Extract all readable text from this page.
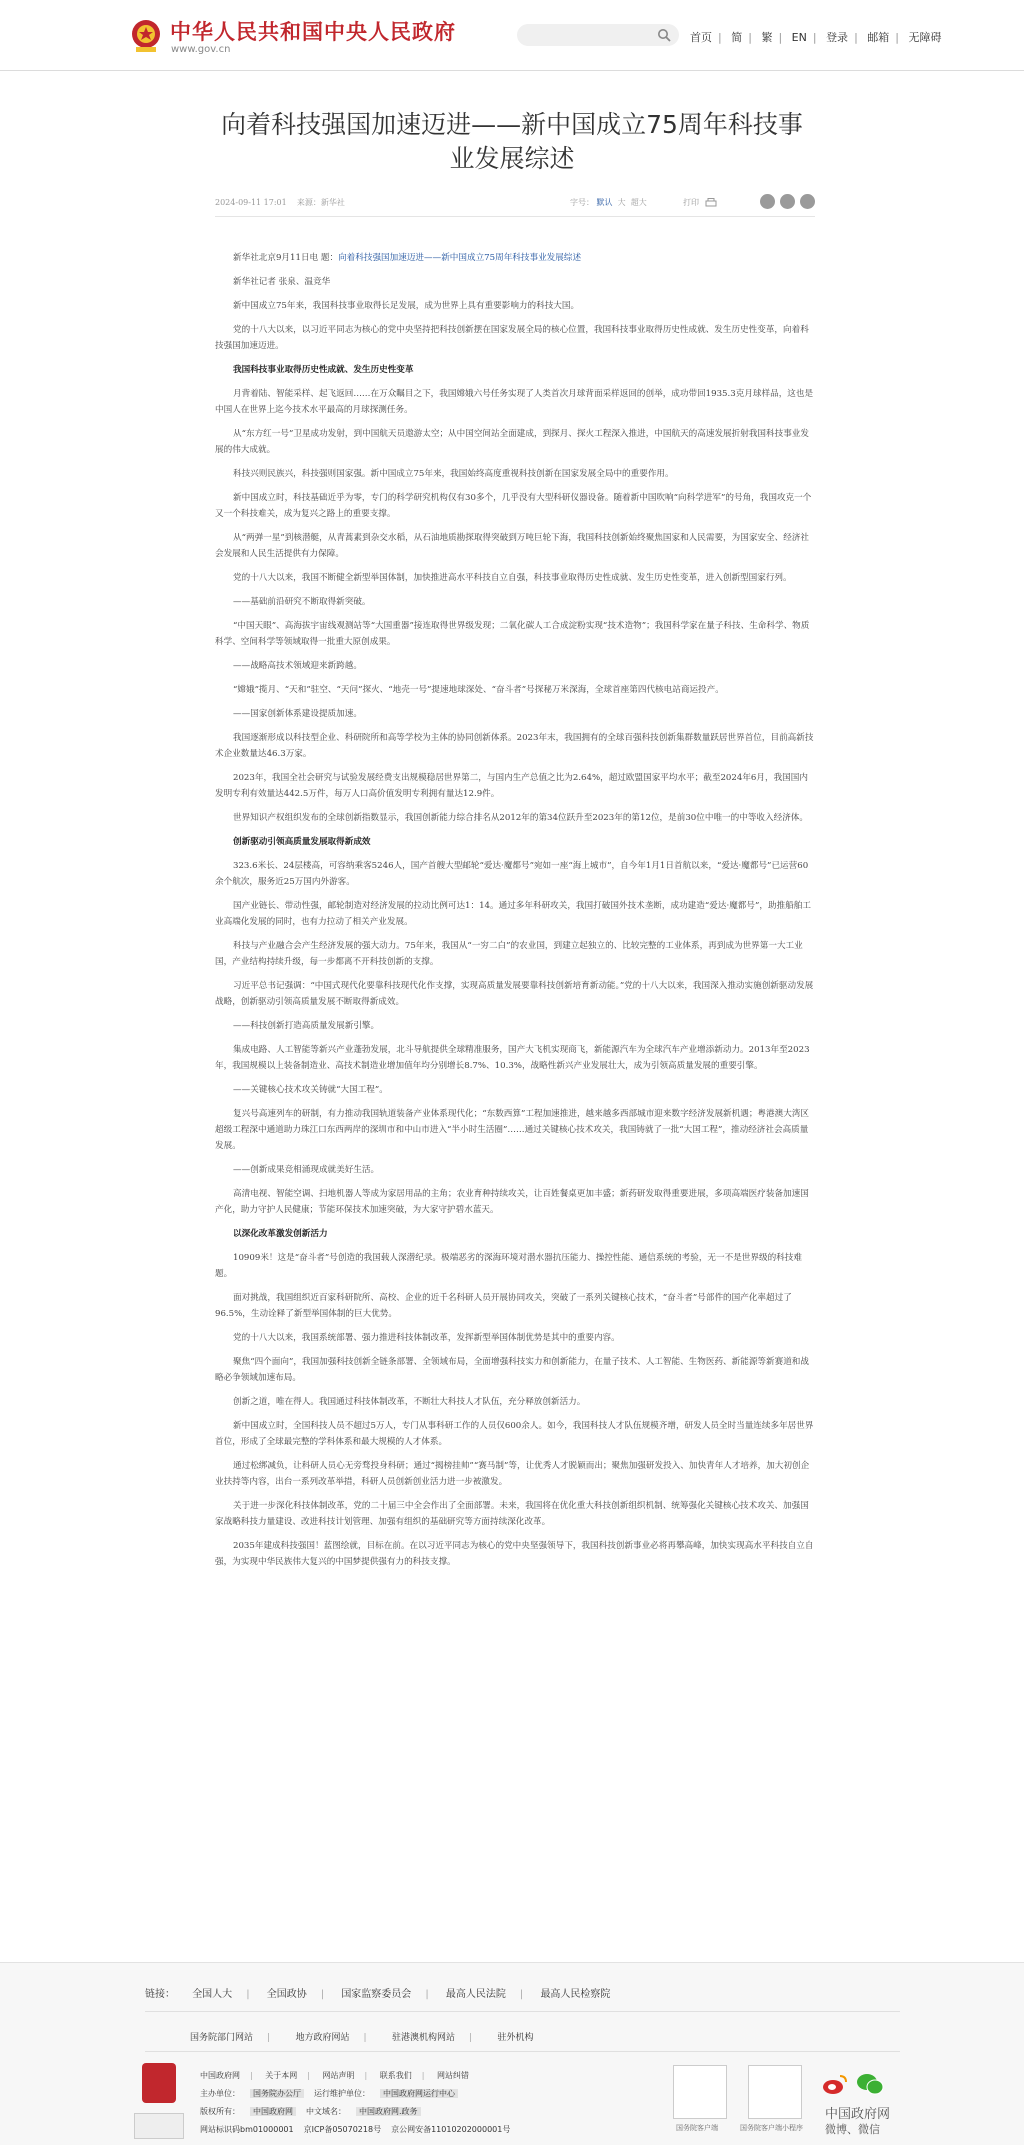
中华人民共和国中央人民政府
www.gov.cn
首页 | 简 | 繁 | EN | 登录 | 邮箱 | 无障碍
向着科技强国加速迈进——新中国成立75周年科技事业发展综述
2024-09-11 17:01 来源：新华社	字号： 默认 大 超大	打印

新华社北京9月11日电 题：向着科技强国加速迈进——新中国成立75周年科技事业发展综述

新华社记者 张泉、温竞华

新中国成立75年来，我国科技事业取得长足发展，成为世界上具有重要影响力的科技大国。

党的十八大以来，以习近平同志为核心的党中央坚持把科技创新摆在国家发展全局的核心位置，我国科技事业取得历史性成就、发生历史性变革，向着科技强国加速迈进。

我国科技事业取得历史性成就、发生历史性变革

月背着陆、智能采样、起飞返回……在万众瞩目之下，我国嫦娥六号任务实现了人类首次月球背面采样返回的创举，成功带回1935.3克月球样品，这也是中国人在世界上迄今技术水平最高的月球探测任务。

从“东方红一号”卫星成功发射，到中国航天员遨游太空；从中国空间站全面建成，到探月、探火工程深入推进，中国航天的高速发展折射我国科技事业发展的伟大成就。

科技兴则民族兴，科技强则国家强。新中国成立75年来，我国始终高度重视科技创新在国家发展全局中的重要作用。

新中国成立时，科技基础近乎为零，专门的科学研究机构仅有30多个，几乎没有大型科研仪器设备。随着新中国吹响“向科学进军”的号角，我国攻克一个又一个科技难关，成为复兴之路上的重要支撑。

从“两弹一星”到核潜艇，从青蒿素到杂交水稻，从石油地质勘探取得突破到万吨巨轮下海，我国科技创新始终聚焦国家和人民需要，为国家安全、经济社会发展和人民生活提供有力保障。

党的十八大以来，我国不断健全新型举国体制，加快推进高水平科技自立自强，科技事业取得历史性成就、发生历史性变革，进入创新型国家行列。

——基础前沿研究不断取得新突破。

“中国天眼”、高海拔宇宙线观测站等“大国重器”接连取得世界级发现；二氧化碳人工合成淀粉实现“技术造物”；我国科学家在量子科技、生命科学、物质科学、空间科学等领域取得一批重大原创成果。

——战略高技术领域迎来新跨越。

“嫦娥”揽月、“天和”驻空、“天问”探火、“地壳一号”提速地球深处、“奋斗者”号探秘万米深海，全球首座第四代核电站商运投产。

——国家创新体系建设提质加速。

我国逐渐形成以科技型企业、科研院所和高等学校为主体的协同创新体系。2023年末，我国拥有的全球百强科技创新集群数量跃居世界首位，目前高新技术企业数量达46.3万家。

2023年，我国全社会研究与试验发展经费支出规模稳居世界第二，与国内生产总值之比为2.64%，超过欧盟国家平均水平；截至2024年6月，我国国内发明专利有效量达442.5万件，每万人口高价值发明专利拥有量达12.9件。

世界知识产权组织发布的全球创新指数显示，我国创新能力综合排名从2012年的第34位跃升至2023年的第12位，是前30位中唯一的中等收入经济体。

创新驱动引领高质量发展取得新成效

323.6米长、24层楼高，可容纳乘客5246人，国产首艘大型邮轮“爱达·魔都号”宛如一座“海上城市”，自今年1月1日首航以来，“爱达·魔都号”已运营60余个航次，服务近25万国内外游客。

国产业链长、带动性强，邮轮制造对经济发展的拉动比例可达1：14。通过多年科研攻关，我国打破国外技术垄断，成功建造“爱达·魔都号”，助推船舶工业高端化发展的同时，也有力拉动了相关产业发展。

科技与产业融合会产生经济发展的强大动力。75年来，我国从“一穷二白”的农业国，到建立起独立的、比较完整的工业体系，再到成为世界第一大工业国，产业结构持续升级，每一步都离不开科技创新的支撑。

习近平总书记强调：“中国式现代化要靠科技现代化作支撑，实现高质量发展要靠科技创新培育新动能。”党的十八大以来，我国深入推动实施创新驱动发展战略，创新驱动引领高质量发展不断取得新成效。

——科技创新打造高质量发展新引擎。

集成电路、人工智能等新兴产业蓬勃发展，北斗导航提供全球精准服务，国产大飞机实现商飞，新能源汽车为全球汽车产业增添新动力。2013年至2023年，我国规模以上装备制造业、高技术制造业增加值年均分别增长8.7%、10.3%，战略性新兴产业发展壮大，成为引领高质量发展的重要引擎。

——关键核心技术攻关铸就“大国工程”。

复兴号高速列车的研制，有力推动我国轨道装备产业体系现代化；“东数西算”工程加速推进，越来越多西部城市迎来数字经济发展新机遇；粤港澳大湾区超级工程深中通道助力珠江口东西两岸的深圳市和中山市进入“半小时生活圈”……通过关键核心技术攻关，我国铸就了一批“大国工程”，推动经济社会高质量发展。

——创新成果竞相涌现成就美好生活。

高清电视、智能空调、扫地机器人等成为家居用品的主角；农业育种持续攻关，让百姓餐桌更加丰盛；新药研发取得重要进展，多项高端医疗装备加速国产化，助力守护人民健康；节能环保技术加速突破，为大家守护碧水蓝天。

以深化改革激发创新活力

10909米！这是“奋斗者”号创造的我国载人深潜纪录。极端恶劣的深海环境对潜水器抗压能力、操控性能、通信系统的考验，无一不是世界级的科技难题。

面对挑战，我国组织近百家科研院所、高校、企业的近千名科研人员开展协同攻关，突破了一系列关键核心技术，“奋斗者”号部件的国产化率超过了96.5%，生动诠释了新型举国体制的巨大优势。

党的十八大以来，我国系统部署、强力推进科技体制改革，发挥新型举国体制优势是其中的重要内容。

聚焦“四个面向”，我国加强科技创新全链条部署、全领域布局，全面增强科技实力和创新能力，在量子技术、人工智能、生物医药、新能源等新赛道和战略必争领域加速布局。

创新之道，唯在得人。我国通过科技体制改革，不断壮大科技人才队伍，充分释放创新活力。

新中国成立时，全国科技人员不超过5万人，专门从事科研工作的人员仅600余人。如今，我国科技人才队伍规模齐增，研发人员全时当量连续多年居世界首位，形成了全球最完整的学科体系和最大规模的人才体系。

通过松绑减负，让科研人员心无旁骛投身科研；通过“揭榜挂帅”“赛马制”等，让优秀人才脱颖而出；聚焦加强研发投入、加快青年人才培养，加大初创企业扶持等内容，出台一系列改革举措，科研人员创新创业活力进一步被激发。

关于进一步深化科技体制改革，党的二十届三中全会作出了全面部署。未来，我国将在优化重大科技创新组织机制、统筹强化关键核心技术攻关、加强国家战略科技力量建设、改进科技计划管理、加强有组织的基础研究等方面持续深化改革。

2035年建成科技强国！蓝图绘就，目标在前。在以习近平同志为核心的党中央坚强领导下，我国科技创新事业必将再攀高峰，加快实现高水平科技自立自强，为实现中华民族伟大复兴的中国梦提供强有力的科技支撑。

链接： 全国人大 | 全国政协 | 国家监察委员会 | 最高人民法院 | 最高人民检察院
国务院部门网站 |	地方政府网站 |	驻港澳机构网站 |	驻外机构
中国政府网 | 关于本网 | 网站声明 | 联系我们 | 网站纠错
主办单位： 国务院办公厅 运行维护单位： 中国政府网运行中心
版权所有： 中国政府网 中文域名： 中国政府网.政务
网站标识码bm01000001 京ICP备05070218号 京公网安备11010202000001号	国务院客户端	国务院客户端小程序
中国政府网
微博、微信
